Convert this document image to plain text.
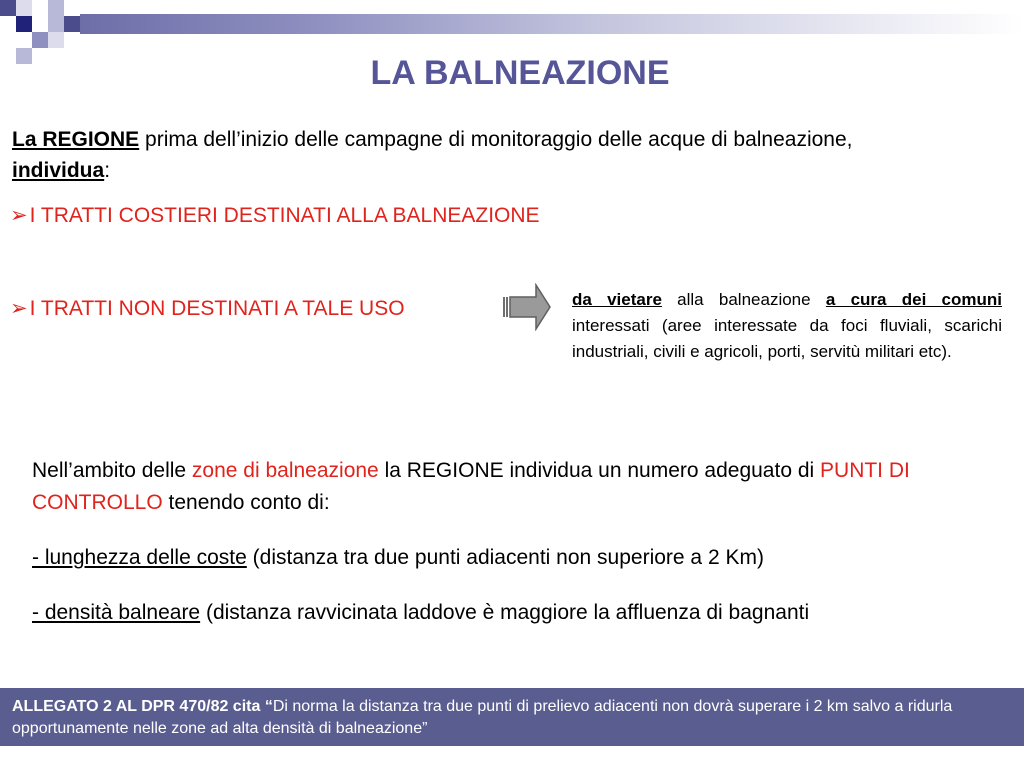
LA BALNEAZIONE
La REGIONE prima dell’inizio delle campagne di monitoraggio delle acque di balneazione, individua:
➢I TRATTI COSTIERI DESTINATI ALLA BALNEAZIONE
➢I TRATTI NON DESTINATI A TALE USO	da vietare alla balneazione a cura dei comuni interessati (aree interessate da foci fluviali, scarichi industriali, civili e agricoli, porti, servitù militari etc).
Nell’ambito delle zone di balneazione la REGIONE individua un numero adeguato di PUNTI DI CONTROLLO tenendo conto di:
- lunghezza delle coste (distanza tra due punti adiacenti non superiore a 2 Km)
- densità balneare (distanza ravvicinata laddove è maggiore la affluenza di bagnanti
ALLEGATO 2 AL DPR 470/82 cita “Di norma la distanza tra due punti di prelievo adiacenti non dovrà superare i 2 km salvo a ridurla opportunamente nelle zone ad alta densità di balneazione”
